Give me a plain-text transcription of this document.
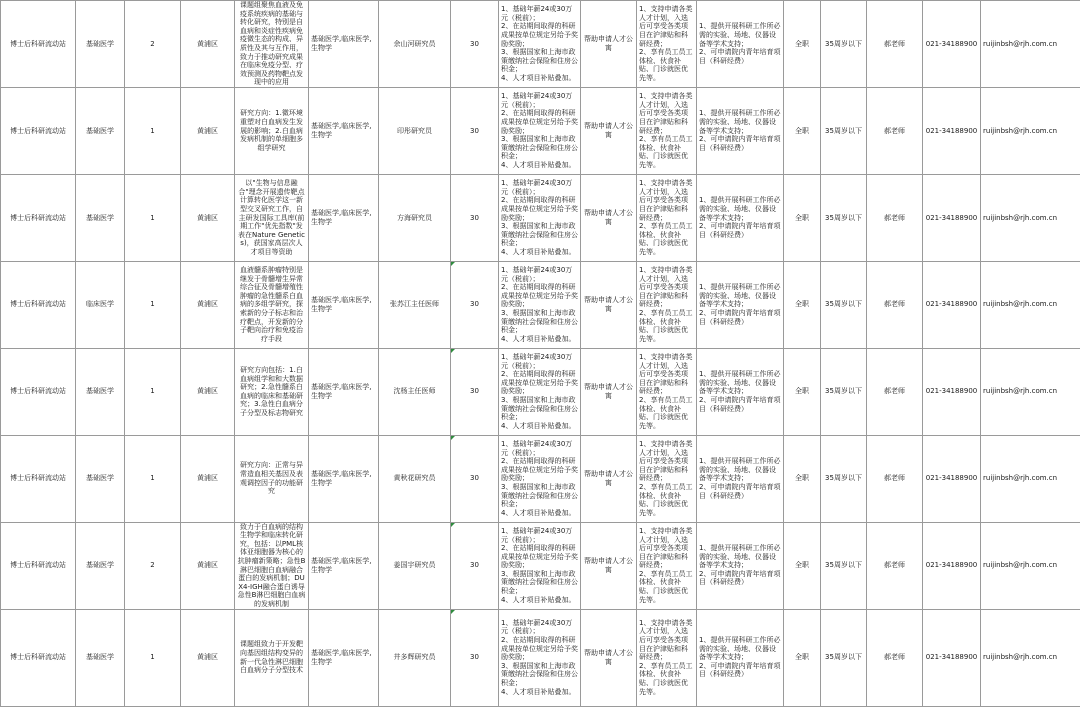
博士后科研流动站	基础医学	2	黄浦区	课题组聚焦血液及免疫系统疾病的基础与转化研究，特别是自血病和炎症性疾病免疫微生态的构成、异质性及其与互作用，致力于推动研究成果在临床免疫分型、疗效预测及药物靶点发现中的应用	基础医学,临床医学,生物学	余山河研究员	30	1、基础年薪24或30万元（税前）；
2、在站期间取得的科研成果按单位规定另给予奖励奖励；
3、根据国家和上海市政策缴纳社会保险和住房公积金；
4、人才项目补贴叠加。	帮助申请人才公寓	1、支持申请各类人才计划，入选后可享受各类项目在沪津贴和科研经费；
2、享有员工员工体检、伙食补贴、门诊就医优先等。	1、提供开展科研工作所必需的实验、场地、仪器设备等学术支持；
2、可申请院内青年培育项目（科研经费）	全职	35周岁以下	郝老师	021-34188900	ruijinbsh@rjh.com.cn	
博士后科研流动站	基础医学	1	黄浦区	研究方向：1.微环境重塑对白血病发生发展的影响；2.白血病发病机制的单细胞多组学研究	基础医学,临床医学,生物学	印彤研究员	30	1、基础年薪24或30万元（税前）；
2、在站期间取得的科研成果按单位规定另给予奖励奖励；
3、根据国家和上海市政策缴纳社会保险和住房公积金；
4、人才项目补贴叠加。	帮助申请人才公寓	1、支持申请各类人才计划，入选后可享受各类项目在沪津贴和科研经费；
2、享有员工员工体检、伙食补贴、门诊就医优先等。	1、提供开展科研工作所必需的实验、场地、仪器设备等学术支持；
2、可申请院内青年培育项目（科研经费）	全职	35周岁以下	郝老师	021-34188900	ruijinbsh@rjh.com.cn	
博士后科研流动站	基础医学	1	黄浦区	以"生物与信息融合"理念开展遗传靶点计算转化医学这一新型交叉研究工作，自主研发国际工具库(前期工作"优先指数"发表在Nature Genetics)，获国家高层次人才项目等资助	基础医学,临床医学,生物学	方海研究员	30	1、基础年薪24或30万元（税前）；
2、在站期间取得的科研成果按单位规定另给予奖励奖励；
3、根据国家和上海市政策缴纳社会保险和住房公积金；
4、人才项目补贴叠加。	帮助申请人才公寓	1、支持申请各类人才计划，入选后可享受各类项目在沪津贴和科研经费；
2、享有员工员工体检、伙食补贴、门诊就医优先等。	1、提供开展科研工作所必需的实验、场地、仪器设备等学术支持；
2、可申请院内青年培育项目（科研经费）	全职	35周岁以下	郝老师	021-34188900	ruijinbsh@rjh.com.cn	
博士后科研流动站	临床医学	1	黄浦区	血液髓系肿瘤特别是继发于骨髓增生异常综合征及骨髓增殖性肿瘤的急性髓系白血病的多组学研究，探索新的分子标志和治疗靶点，开发新的分子靶向治疗和免疫治疗手段	基础医学,临床医学,生物学	张苏江主任医师	30	1、基础年薪24或30万元（税前）；
2、在站期间取得的科研成果按单位规定另给予奖励奖励；
3、根据国家和上海市政策缴纳社会保险和住房公积金；
4、人才项目补贴叠加。	帮助申请人才公寓	1、支持申请各类人才计划，入选后可享受各类项目在沪津贴和科研经费；
2、享有员工员工体检、伙食补贴、门诊就医优先等。	1、提供开展科研工作所必需的实验、场地、仪器设备等学术支持；
2、可申请院内青年培育项目（科研经费）	全职	35周岁以下	郝老师	021-34188900	ruijinbsh@rjh.com.cn	
博士后科研流动站	基础医学	1	黄浦区	研究方向包括：1.白血病组学和和大数据研究；2.急性髓系白血病的临床和基础研究；3.急性白血病分子分型及标志物研究	基础医学,临床医学,生物学	沈杨主任医师	30	1、基础年薪24或30万元（税前）；
2、在站期间取得的科研成果按单位规定另给予奖励奖励；
3、根据国家和上海市政策缴纳社会保险和住房公积金；
4、人才项目补贴叠加。	帮助申请人才公寓	1、支持申请各类人才计划，入选后可享受各类项目在沪津贴和科研经费；
2、享有员工员工体检、伙食补贴、门诊就医优先等。	1、提供开展科研工作所必需的实验、场地、仪器设备等学术支持；
2、可申请院内青年培育项目（科研经费）	全职	35周岁以下	郝老师	021-34188900	ruijinbsh@rjh.com.cn	
博士后科研流动站	基础医学	1	黄浦区	研究方向：正常与异常造血相关基因及表观调控因子的功能研究	基础医学,临床医学,生物学	黄秋花研究员	30	1、基础年薪24或30万元（税前）；
2、在站期间取得的科研成果按单位规定另给予奖励奖励；
3、根据国家和上海市政策缴纳社会保险和住房公积金；
4、人才项目补贴叠加。	帮助申请人才公寓	1、支持申请各类人才计划，入选后可享受各类项目在沪津贴和科研经费；
2、享有员工员工体检、伙食补贴、门诊就医优先等。	1、提供开展科研工作所必需的实验、场地、仪器设备等学术支持；
2、可申请院内青年培育项目（科研经费）	全职	35周岁以下	郝老师	021-34188900	ruijinbsh@rjh.com.cn	
博士后科研流动站	基础医学	2	黄浦区	致力于白血病的结构生物学和临床转化研究，包括：以PML核体亚细胞器为核心的抗肿瘤新策略；急性B淋巴细胞白血病融合蛋白的发病机制；DUX4-IGH融合蛋白诱导急性B淋巴细胞白血病的发病机制	基础医学,临床医学,生物学	姜国宇研究员	30	1、基础年薪24或30万元（税前）；
2、在站期间取得的科研成果按单位规定另给予奖励奖励；
3、根据国家和上海市政策缴纳社会保险和住房公积金；
4、人才项目补贴叠加。	帮助申请人才公寓	1、支持申请各类人才计划，入选后可享受各类项目在沪津贴和科研经费；
2、享有员工员工体检、伙食补贴、门诊就医优先等。	1、提供开展科研工作所必需的实验、场地、仪器设备等学术支持；
2、可申请院内青年培育项目（科研经费）	全职	35周岁以下	郝老师	021-34188900	ruijinbsh@rjh.com.cn	
博士后科研流动站	基础医学	1	黄浦区	课题组致力于开发靶向基因组结构变异的新一代急性淋巴细胞白血病分子分型技术	基础医学,临床医学,生物学	井多辉研究员	30	1、基础年薪24或30万元（税前）；
2、在站期间取得的科研成果按单位规定另给予奖励奖励；
3、根据国家和上海市政策缴纳社会保险和住房公积金；
4、人才项目补贴叠加。	帮助申请人才公寓	1、支持申请各类人才计划，入选后可享受各类项目在沪津贴和科研经费；
2、享有员工员工体检、伙食补贴、门诊就医优先等。	1、提供开展科研工作所必需的实验、场地、仪器设备等学术支持；
2、可申请院内青年培育项目（科研经费）	全职	35周岁以下	郝老师	021-34188900	ruijinbsh@rjh.com.cn	
